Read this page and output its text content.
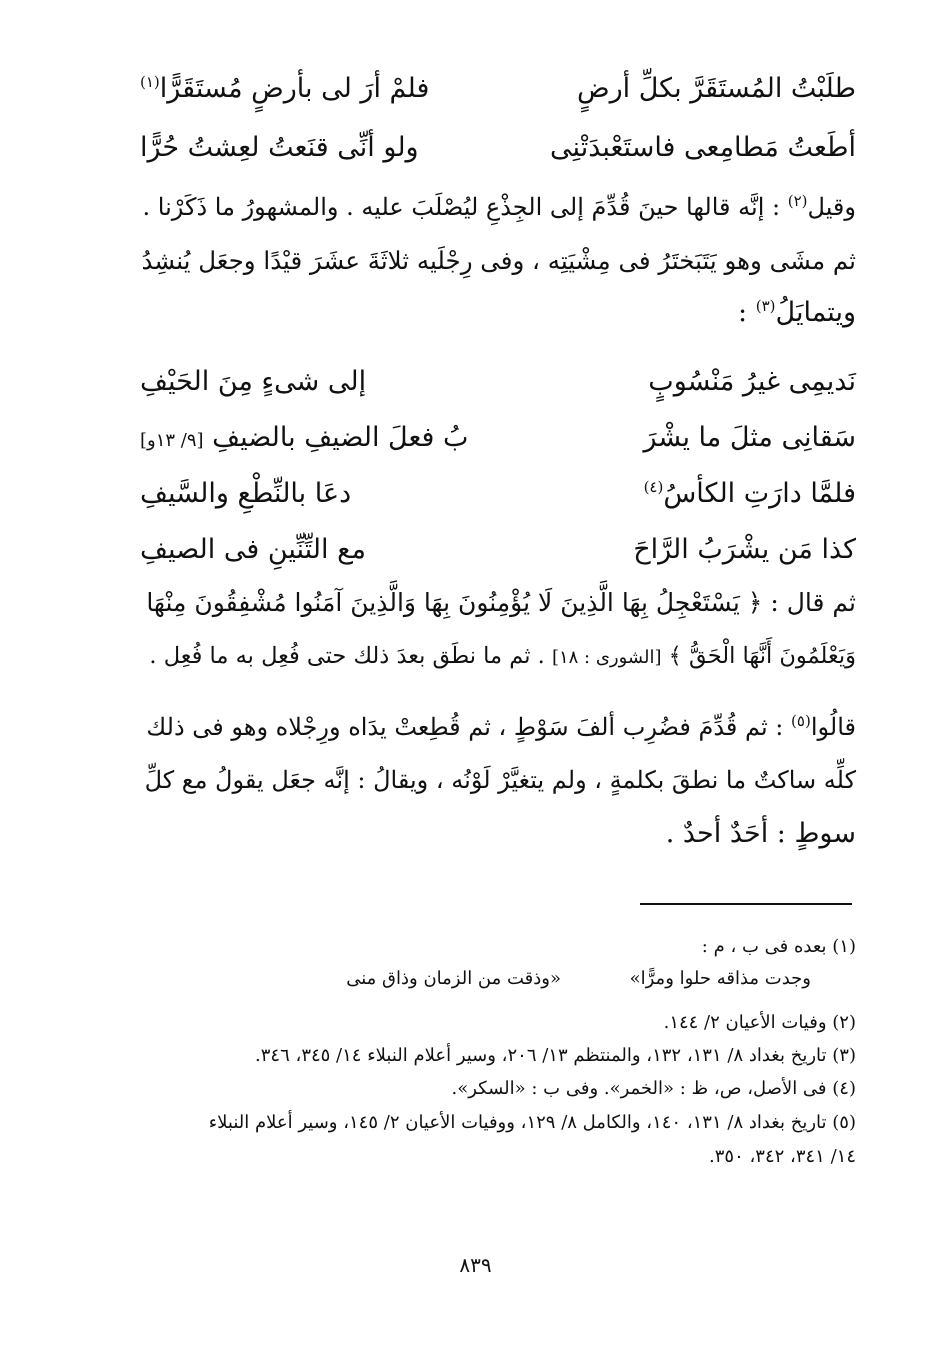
طلَبْتُ المُستَقَرَّ بكلِّ أرضٍ
فلمْ أرَ لى بأرضٍ مُستَقَرًّا$^{(١)}$
أطَعتُ مَطامِعى فاستَعْبدَتْنِى
ولو أنِّى قنَعتُ لعِشتُ حُرًّا
وقيل$^{(٢)}$ : إنَّه قالها حينَ قُدِّمَ إلى الجِذْعِ ليُصْلَبَ عليه . والمشهورُ ما ذَكَرْنا .
ثم مشَى وهو يَتَبَختَرُ فى مِشْيَتِه ، وفى رِجْلَيه ثلاثَةَ عشَرَ قيْدًا وجعَل يُنشِدُ
ويتمايَلُ$^{(٣)}$ :
نَديمِى غيرُ مَنْسُوبٍ
إلى شىءٍ مِنَ الحَيْفِ
سَقانِى مثلَ ما يشْرَ
بُ فعلَ الضيفِ بالضيفِ [٩/ ١٣و]
فلمَّا دارَتِ الكأسُ$^{(٤)}$
دعَا بالنِّطْعِ والسَّيفِ
كذا مَن يشْرَبُ الرَّاحَ
مع التِّنِّينِ فى الصيفِ
ثم قال : ﴿ يَسْتَعْجِلُ بِهَا الَّذِينَ لَا يُؤْمِنُونَ بِهَا وَالَّذِينَ آمَنُوا مُشْفِقُونَ مِنْهَا
وَيَعْلَمُونَ أَنَّهَا الْحَقُّ ﴾ [الشورى : ١٨] . ثم ما نطَق بعدَ ذلك حتى فُعِل به ما فُعِل .
قالُوا$^{(٥)}$ : ثم قُدِّمَ فضُرِب ألفَ سَوْطٍ ، ثم قُطِعتْ يدَاه ورِجْلاه وهو فى ذلك
كلِّه ساكتٌ ما نطقَ بكلمةٍ ، ولم يتغيَّرْ لَوْنُه ، ويقالُ : إنَّه جعَل يقولُ مع كلِّ
سوطٍ : أحَدٌ أحدٌ .
(١) بعده فى ب ، م :
«وذقت من الزمان وذاق منى	وجدت مذاقه حلوا ومرًّا»
(٢) وفيات الأعيان ٢/ ١٤٤.
(٣) تاريخ بغداد ٨/ ١٣١، ١٣٢، والمنتظم ١٣/ ٢٠٦، وسير أعلام النبلاء ١٤/ ٣٤٥، ٣٤٦.
(٤) فى الأصل، ص، ظ : «الخمر». وفى ب : «السكر».
(٥) تاريخ بغداد ٨/ ١٣١، ١٤٠، والكامل ٨/ ١٢٩، ووفيات الأعيان ٢/ ١٤٥، وسير أعلام النبلاء
١٤/ ٣٤١، ٣٤٢، ٣٥٠.
٨٣٩
